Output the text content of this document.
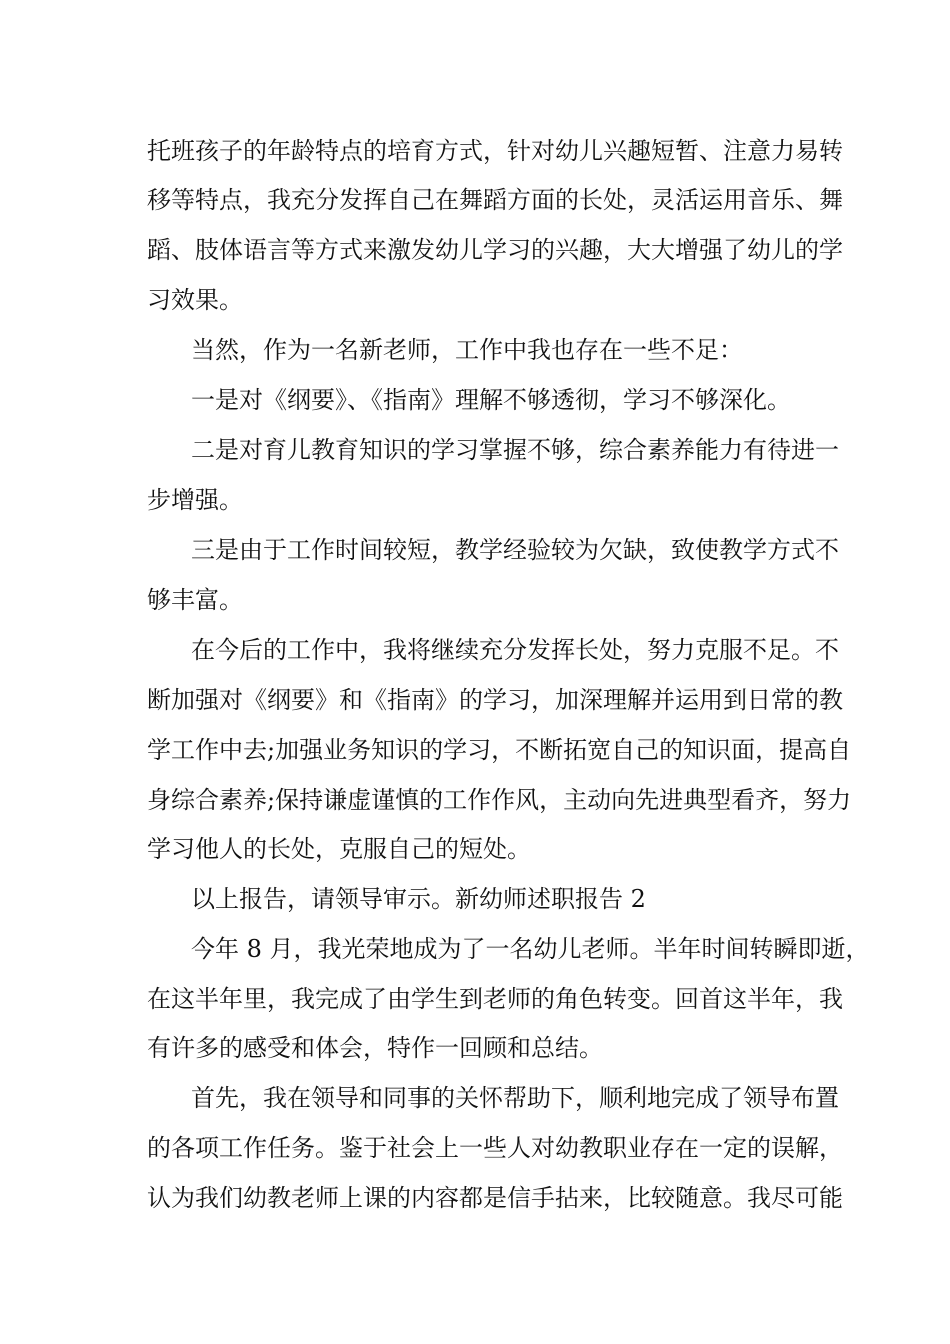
托班孩子的年龄特点的培育方式，针对幼儿兴趣短暂、注意力易转
移等特点，我充分发挥自己在舞蹈方面的长处，灵活运用音乐、舞
蹈、肢体语言等方式来激发幼儿学习的兴趣，大大增强了幼儿的学
习效果。
当然，作为一名新老师，工作中我也存在一些不足：
一是对《纲要》、《指南》理解不够透彻，学习不够深化。
二是对育儿教育知识的学习掌握不够，综合素养能力有待进一
步增强。
三是由于工作时间较短，教学经验较为欠缺，致使教学方式不
够丰富。
在今后的工作中，我将继续充分发挥长处，努力克服不足。不
断加强对《纲要》和《指南》的学习，加深理解并运用到日常的教
学工作中去;加强业务知识的学习，不断拓宽自己的知识面，提高自
身综合素养;保持谦虚谨慎的工作作风，主动向先进典型看齐，努力
学习他人的长处，克服自己的短处。
以上报告，请领导审示。新幼师述职报告 2
今年 8 月，我光荣地成为了一名幼儿老师。半年时间转瞬即逝，
在这半年里，我完成了由学生到老师的角色转变。回首这半年，我
有许多的感受和体会，特作一回顾和总结。
首先，我在领导和同事的关怀帮助下，顺利地完成了领导布置
的各项工作任务。鉴于社会上一些人对幼教职业存在一定的误解，
认为我们幼教老师上课的内容都是信手拈来，比较随意。我尽可能
